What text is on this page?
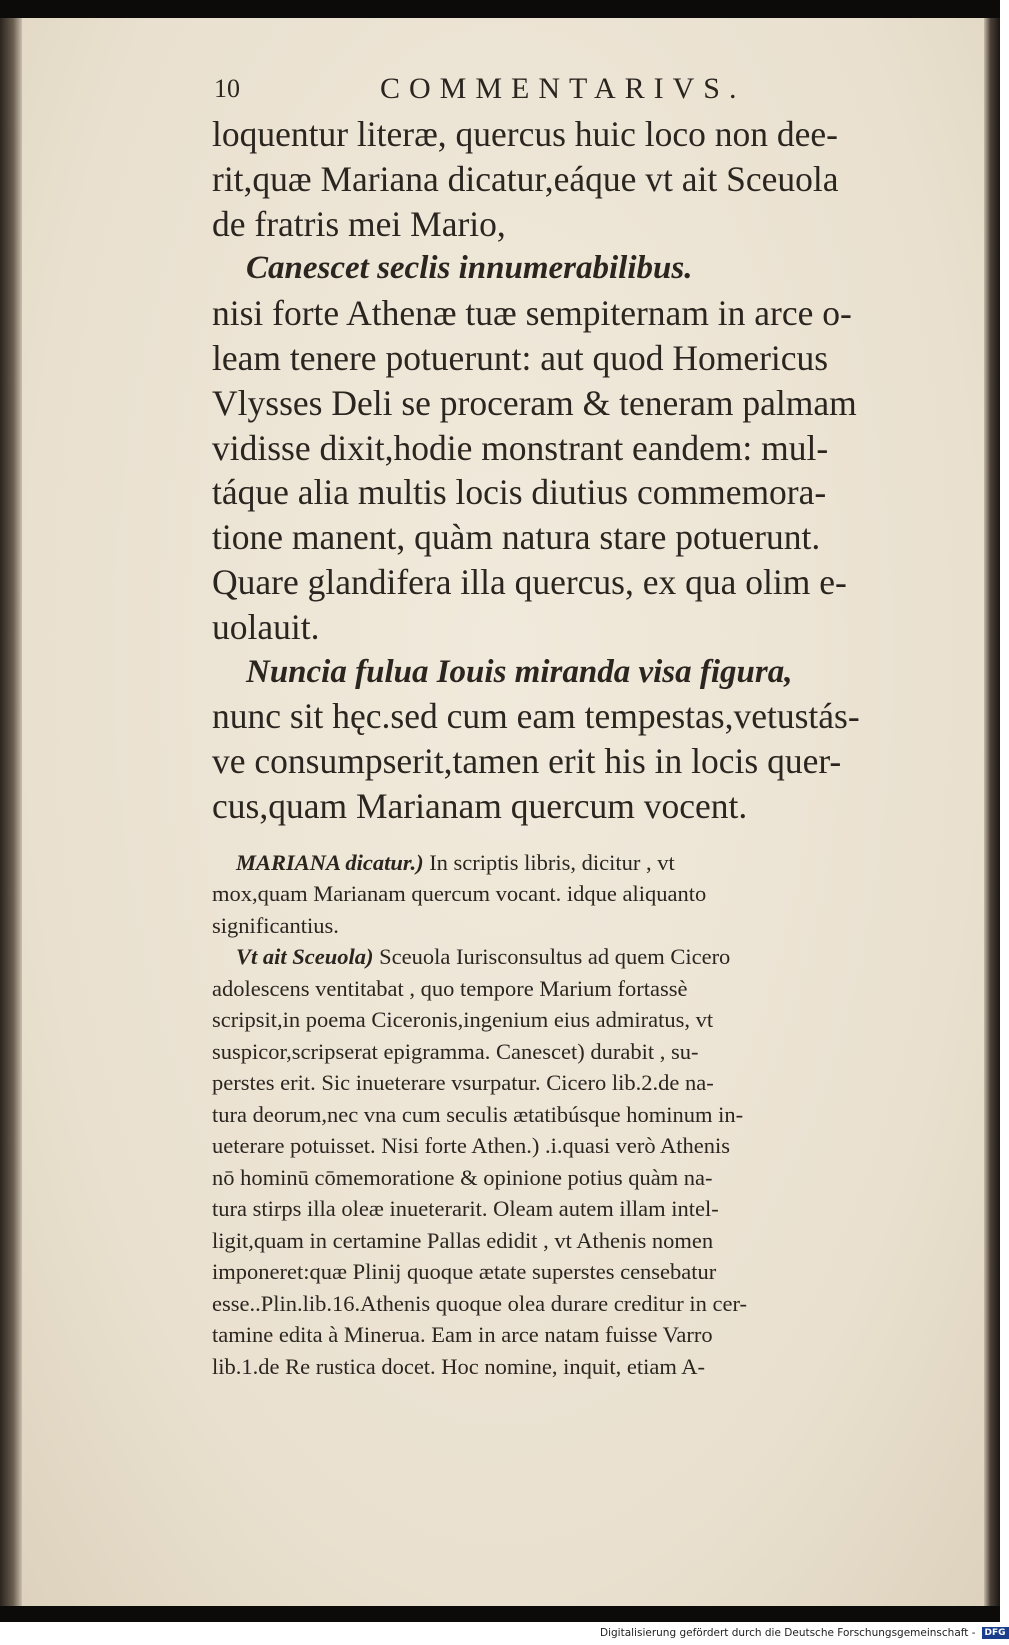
10	COMMENTARIVS.

loquentur literæ, quercus huic loco non dee-

rit,quæ Mariana dicatur,eáque vt ait Sceuola

de fratris mei Mario,

Canescet seclis innumerabilibus.

nisi forte Athenæ tuæ sempiternam in arce o-

leam tenere potuerunt: aut quod Homericus

Vlysses Deli se proceram & teneram palmam

vidisse dixit,hodie monstrant eandem: mul-

táque alia multis locis diutius commemora-

tione manent, quàm natura stare potuerunt.

Quare glandifera illa quercus, ex qua olim e-

uolauit.

Nuncia fulua Iouis miranda visa figura,

nunc sit hęc.sed cum eam tempestas,vetustás-

ve consumpserit,tamen erit his in locis quer-

cus,quam Marianam quercum vocent.

MARIANA dicatur.) In scriptis libris, dicitur , vt

mox,quam Marianam quercum vocant. idque aliquanto

significantius.

Vt ait Sceuola) Sceuola Iurisconsultus ad quem Cicero

adolescens ventitabat , quo tempore Marium fortassè

scripsit,in poema Ciceronis,ingenium eius admiratus, vt

suspicor,scripserat epigramma. Canescet) durabit , su-

perstes erit. Sic inueterare vsurpatur. Cicero lib.2.de na-

tura deorum,nec vna cum seculis ætatibúsque hominum in-

ueterare potuisset. Nisi forte Athen.) .i.quasi verò Athenis

nō hominū cōmemoratione & opinione potius quàm na-

tura stirps illa oleæ inueterarit. Oleam autem illam intel-

ligit,quam in certamine Pallas edidit , vt Athenis nomen

imponeret:quæ Plinij quoque ætate superstes censebatur

esse..Plin.lib.16.Athenis quoque olea durare creditur in cer-

tamine edita à Minerua. Eam in arce natam fuisse Varro

lib.1.de Re rustica docet. Hoc nomine, inquit, etiam A-

Digitalisierung gefördert durch die Deutsche Forschungsgemeinschaft -	DFG
